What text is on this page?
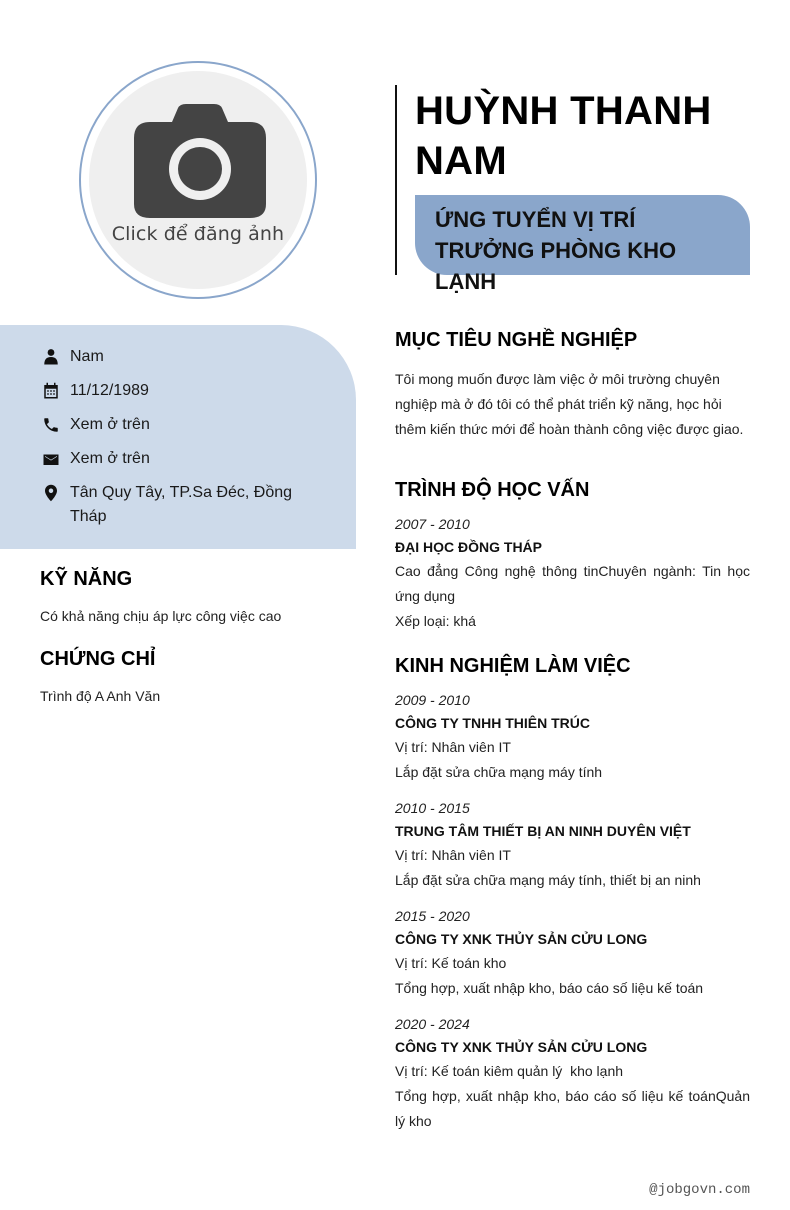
Click để đăng ảnh
HUỲNH THANH NAM
ỨNG TUYỂN VỊ TRÍ TRƯỞNG PHÒNG KHO LẠNH
Nam
11/12/1989
Xem ở trên
Xem ở trên
Tân Quy Tây, TP.Sa Đéc, Đồng Tháp
KỸ NĂNG

Có khả năng chịu áp lực công việc cao

CHỨNG CHỈ

Trình độ A Anh Văn

MỤC TIÊU NGHỀ NGHIỆP

Tôi mong muốn được làm việc ở môi trường chuyên nghiệp mà ở đó tôi có thể phát triển kỹ năng, học hỏi thêm kiến thức mới để hoàn thành công việc được giao.

TRÌNH ĐỘ HỌC VẤN
2007 - 2010
ĐẠI HỌC ĐỒNG THÁP
Cao đẳng Công nghệ thông tinChuyên ngành: Tin học ứng dụng
Xếp loại: khá
KINH NGHIỆM LÀM VIỆC
2009 - 2010
CÔNG TY TNHH THIÊN TRÚC
Vị trí: Nhân viên IT
Lắp đặt sửa chữa mạng máy tính
2010 - 2015
TRUNG TÂM THIẾT BỊ AN NINH DUYÊN VIỆT
Vị trí: Nhân viên IT
Lắp đặt sửa chữa mạng máy tính, thiết bị an ninh
2015 - 2020
CÔNG TY XNK THỦY SẢN CỬU LONG
Vị trí: Kế toán kho
Tổng hợp, xuất nhập kho, báo cáo số liệu kế toán
2020 - 2024
CÔNG TY XNK THỦY SẢN CỬU LONG
Vị trí: Kế toán kiêm quản lý  kho lạnh
Tổng hợp, xuất nhập kho, báo cáo số liệu kế toánQuản lý kho
@jobgovn.com
